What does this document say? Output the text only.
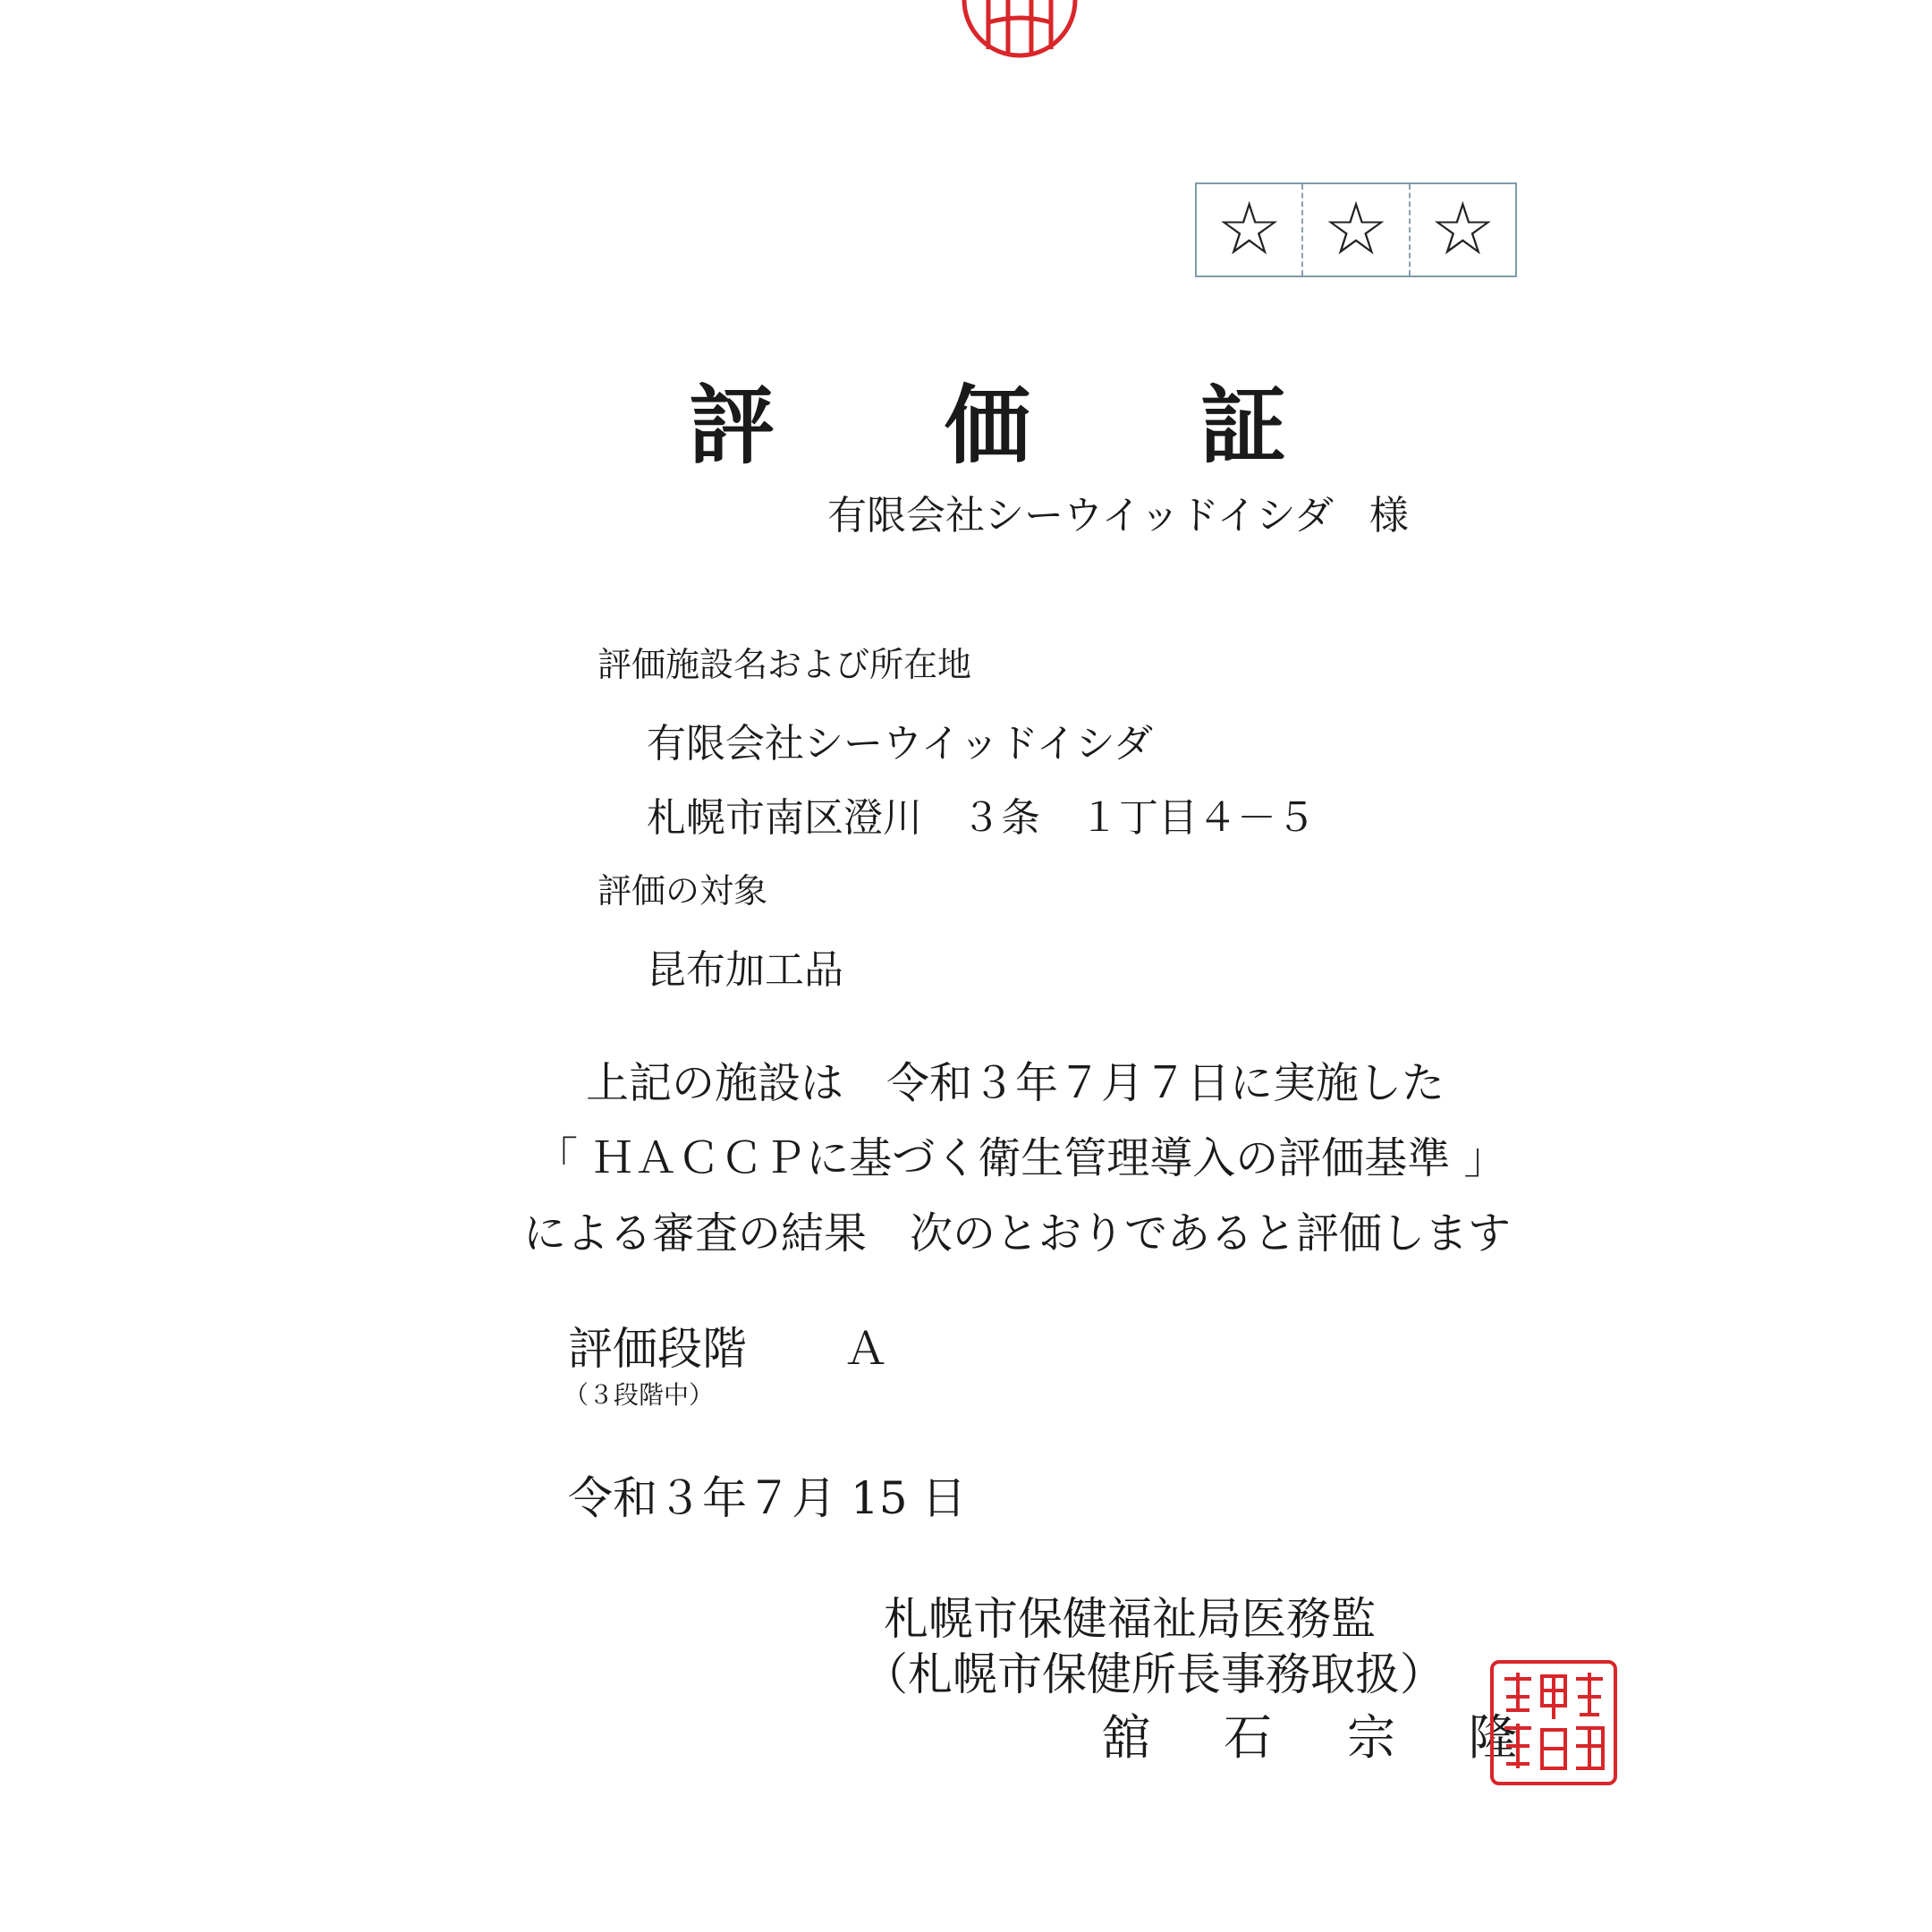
☆ ☆ ☆
評価証
有限会社シーウイッドイシダ 様
評価施設名および所在地
有限会社シーウイッドイシダ
札幌市南区澄川　３条　１丁目４－５
評価の対象
昆布加工品
上記の施設は　令和３年７月７日に実施した
「 ＨＡＣＣＰに基づく衛生管理導入の評価基準 」
による審査の結果　次のとおりであると評価します
評価段階 Ａ
（３段階中）
令和３年７月 15 日
札幌市保健福祉局医務監
（札幌市保健所長事務取扱）
舘　石 宗　隆
